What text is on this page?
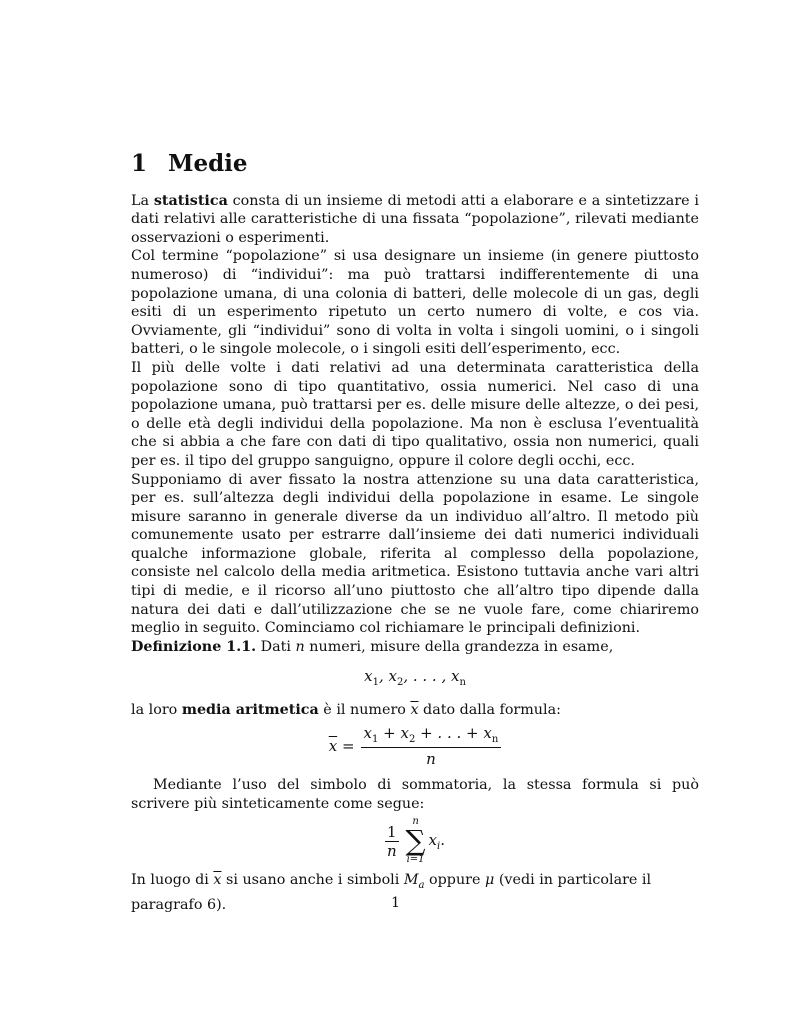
1 Medie

La statistica consta di un insieme di metodi atti a elaborare e a sintetizzare i dati relativi alle caratteristiche di una fissata “popolazione”, rilevati mediante osservazioni o esperimenti.

Col termine “popolazione” si usa designare un insieme (in genere piuttosto numeroso) di “individui”: ma può trattarsi indifferentemente di una popolazione umana, di una colonia di batteri, delle molecole di un gas, degli esiti di un esperimento ripetuto un certo numero di volte, e cos via. Ovviamente, gli “individui” sono di volta in volta i singoli uomini, o i singoli batteri, o le singole molecole, o i singoli esiti dell’esperimento, ecc.

Il più delle volte i dati relativi ad una determinata caratteristica della popolazione sono di tipo quantitativo, ossia numerici. Nel caso di una popolazione umana, può trattarsi per es. delle misure delle altezze, o dei pesi, o delle età degli individui della popolazione. Ma non è esclusa l’eventualità che si abbia a che fare con dati di tipo qualitativo, ossia non numerici, quali per es. il tipo del gruppo sanguigno, oppure il colore degli occhi, ecc.

Supponiamo di aver fissato la nostra attenzione su una data caratteristica, per es. sull’altezza degli individui della popolazione in esame. Le singole misure saranno in generale diverse da un individuo all’altro. Il metodo più comunemente usato per estrarre dall’insieme dei dati numerici individuali qualche informazione globale, riferita al complesso della popolazione, consiste nel calcolo della media aritmetica. Esistono tuttavia anche vari altri tipi di medie, e il ricorso all’uno piuttosto che all’altro tipo dipende dalla natura dei dati e dall’utilizzazione che se ne vuole fare, come chiariremo meglio in seguito. Cominciamo col richiamare le principali definizioni.

Definizione 1.1. Dati n numeri, misure della grandezza in esame,

$x_1$, $x_2$, . . . , $x_n$

la loro media aritmetica è il numero $\overline{x}$ dato dalla formula:

$\overline{x} = \frac{x_1 + x_2 + . . . + x_n}{n}$

Mediante l’uso del simbolo di sommatoria, la stessa formula si può scrivere più sinteticamente come segue:

$\frac{1}{n}$
n
∑
i=1
$x_i$.

In luogo di $\overline{x}$ si usano anche i simboli $M_a$ oppure μ (vedi in particolare il paragrafo 6).	1
